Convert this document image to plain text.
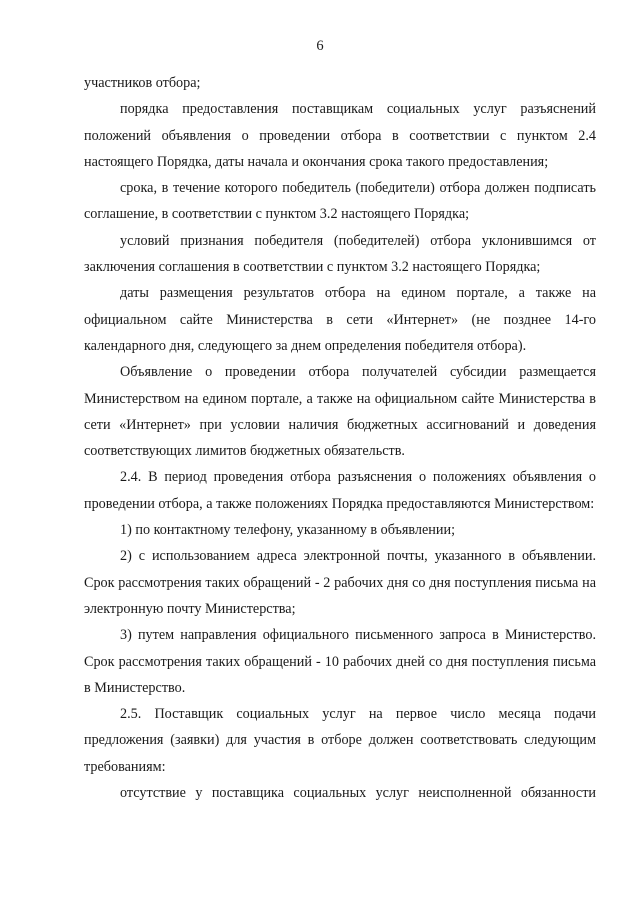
6

участников отбора;

порядка предоставления поставщикам социальных услуг разъяснений положений объявления о проведении отбора в соответствии с пунктом 2.4 настоящего Порядка, даты начала и окончания срока такого предоставления;

срока, в течение которого победитель (победители) отбора должен подписать соглашение, в соответствии с пунктом 3.2 настоящего Порядка;

условий признания победителя (победителей) отбора уклонившимся от заключения соглашения в соответствии с пунктом 3.2 настоящего Порядка;

даты размещения результатов отбора на едином портале, а также на официальном сайте Министерства в сети «Интернет» (не позднее 14-го календарного дня, следующего за днем определения победителя отбора).

Объявление о проведении отбора получателей субсидии размещается Министерством на едином портале, а также на официальном сайте Министерства в сети «Интернет» при условии наличия бюджетных ассигнований и доведения соответствующих лимитов бюджетных обязательств.

2.4. В период проведения отбора разъяснения о положениях объявления о проведении отбора, а также положениях Порядка предоставляются Министерством:

1) по контактному телефону, указанному в объявлении;

2) с использованием адреса электронной почты, указанного в объявлении. Срок рассмотрения таких обращений - 2 рабочих дня со дня поступления письма на электронную почту Министерства;

3) путем направления официального письменного запроса в Министерство. Срок рассмотрения таких обращений - 10 рабочих дней со дня поступления письма в Министерство.

2.5. Поставщик социальных услуг на первое число месяца подачи предложения (заявки) для участия в отборе должен соответствовать следующим требованиям:

отсутствие у поставщика социальных услуг неисполненной обязанности
